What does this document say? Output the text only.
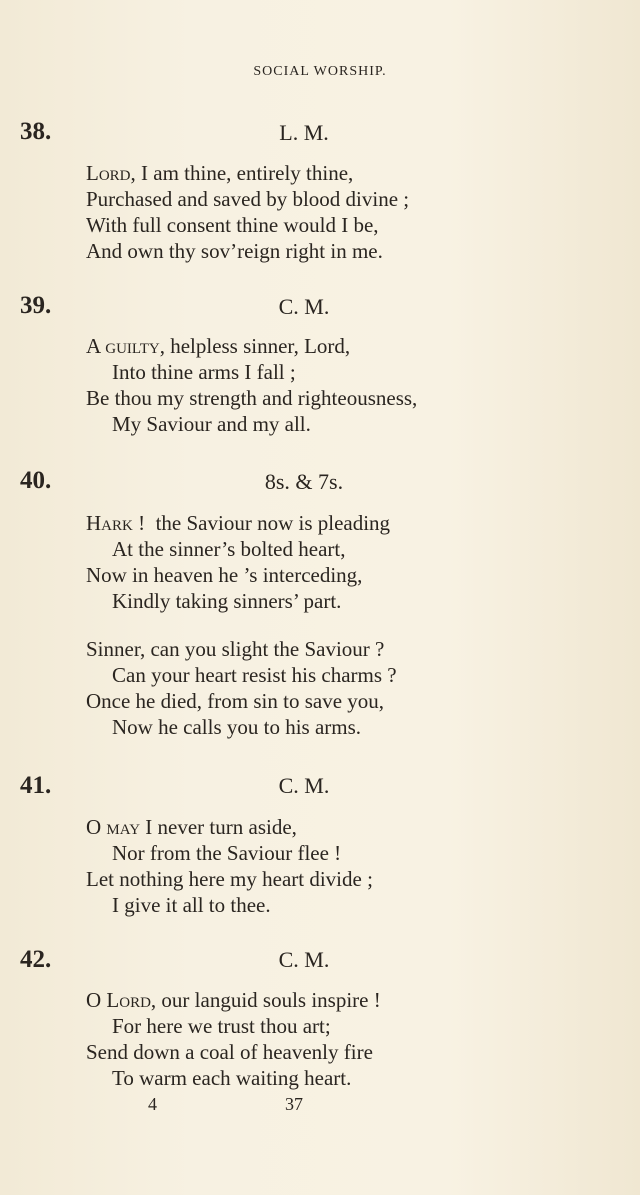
SOCIAL WORSHIP.
38.	L. M.
Lord, I am thine, entirely thine,
Purchased and saved by blood divine ;
With full consent thine would I be,
And own thy sov’reign right in me.
39.	C. M.
A guilty, helpless sinner, Lord,
Into thine arms I fall ;
Be thou my strength and righteousness,
My Saviour and my all.
40.	8s. & 7s.
Hark !  the Saviour now is pleading
At the sinner’s bolted heart,
Now in heaven he ’s interceding,
Kindly taking sinners’ part.
Sinner, can you slight the Saviour ?
Can your heart resist his charms ?
Once he died, from sin to save you,
Now he calls you to his arms.
41.	C. M.
O may I never turn aside,
Nor from the Saviour flee !
Let nothing here my heart divide ;
I give it all to thee.
42.	C. M.
O Lord, our languid souls inspire !
For here we trust thou art;
Send down a coal of heavenly fire
To warm each waiting heart.
4	37
